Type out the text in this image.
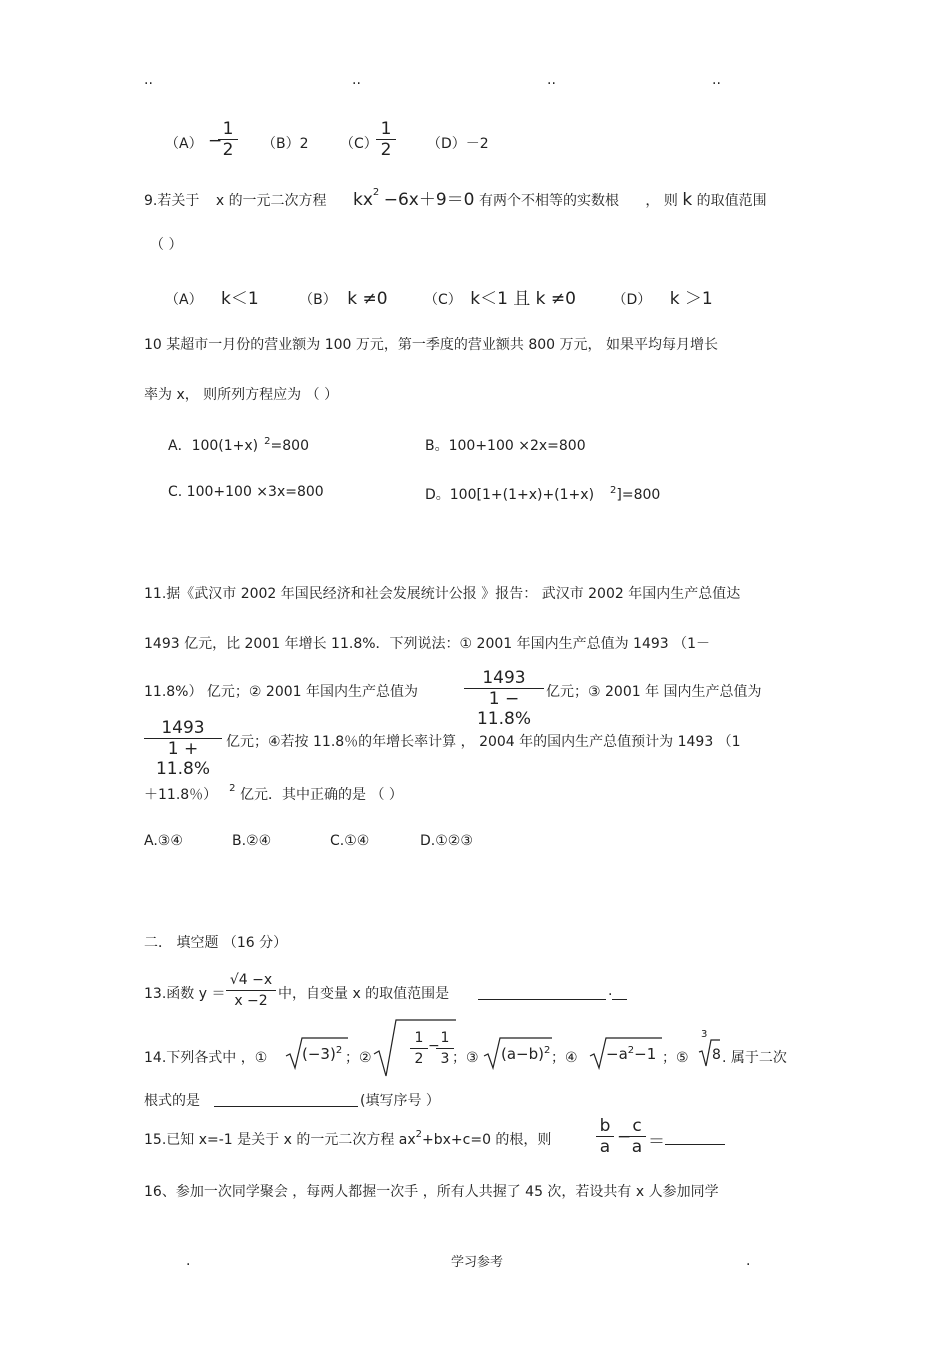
..	..	..	..
（A） −
1
2	（B）2 （C）
1
2	（D）－2
9.若关于 x 的一元二次方程 $kx^2 -6x+9=0$ 有两个不相等的实数根 ， 则 k 的取值范围
（ ）
（A） k＜1	（B） k ≠0	（C） k＜1 且 k ≠0	（D） k ＞1
10 某超市一月份的营业额为 100 万元，第一季度的营业额共 800 万元， 如果平均每月增长
率为 x， 则所列方程应为 （ ）
A．100(1+x) $^2$=800	B。100+100 ×2x=800
C. 100+100 ×3x=800	D。100[1+(1+x)+(1+x) $^2$]=800
11.据《武汉市 2002 年国民经济和社会发展统计公报 》报告： 武汉市 2002 年国内生产总值达
1493 亿元，比 2001 年增长 11.8%．下列说法：① 2001 年国内生产总值为 1493 （1－
11.8%） 亿元；② 2001 年国内生产总值为
1493
1 − 11.8%
亿元；③ 2001 年 国内生产总值为
1493
1 + 11.8%
亿元；④若按 11.8％的年增长率计算 ， 2004 年的国内生产总值预计为 1493 （1
＋11.8％） $^2$ 亿元．其中正确的是 （ ）
A.③④	B.②④	C.①④	D.①②③
二． 填空题 （16 分）
13.函数 y ＝
√4 −x
x −2 中，自变量 x 的取值范围是	.
14.下列各式中 ，① $(-3)^2$ ；②
1
2
− 1
3 ；③ $(a-b)^2$ ；④ $-a^2-1$ ；⑤
3
8 . 属于二次
根式的是	(填写序号 ）
15.已知 x=-1 是关于 x 的一元二次方程 $ax^2+bx+c=0$ 的根，则
b
a −
c
a ＝
16、参加一次同学聚会 ，每两人都握一次手 ，所有人共握了 45 次，若设共有 x 人参加同学
.	学习参考	.
